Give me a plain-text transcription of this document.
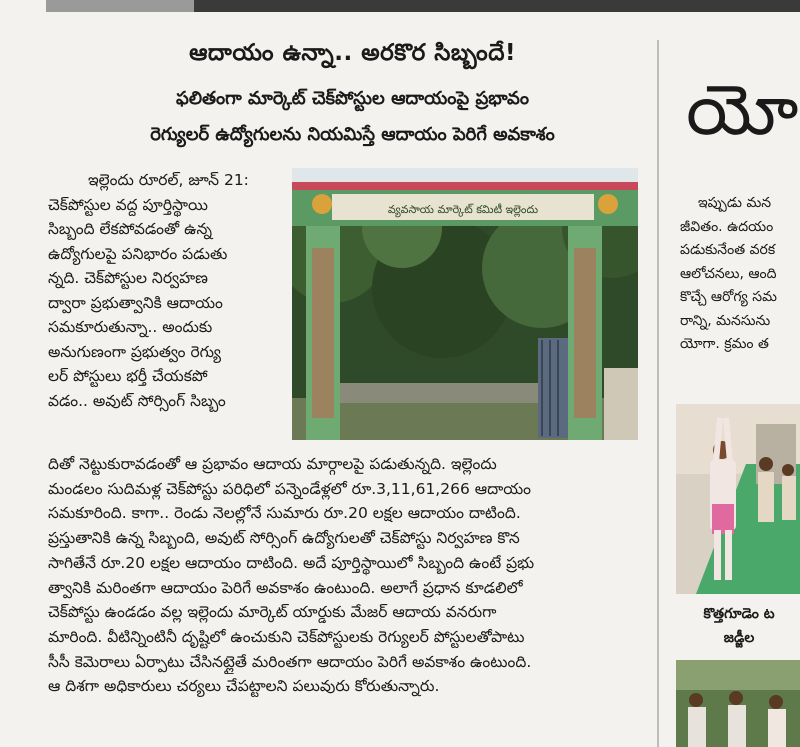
ఆదాయం ఉన్నా.. అరకొర సిబ్బందే!
ఫలితంగా మార్కెట్ చెక్‌పోస్టుల ఆదాయంపై ప్రభావం
రెగ్యులర్ ఉద్యోగులను నియమిస్తే ఆదాయం పెరిగే అవకాశం
ఇల్లెందు రూరల్, జూన్ 21:
చెక్‌పోస్టుల వద్ద పూర్తిస్థాయి
సిబ్బంది లేకపోవడంతో ఉన్న
ఉద్యోగులపై పనిభారం పడుతు
న్నది. చెక్‌పోస్టుల నిర్వహణ
ద్వారా ప్రభుత్వానికి ఆదాయం
సమకూరుతున్నా.. అందుకు
అనుగుణంగా ప్రభుత్వం రెగ్యు
లర్ పోస్టులు భర్తీ చేయకపో
వడం.. అవుట్ సోర్సింగ్ సిబ్బం
వ్యవసాయ మార్కెట్ కమిటీ ఇల్లెందు
దితో నెట్టుకురావడంతో ఆ ప్రభావం ఆదాయ మార్గాలపై పడుతున్నది. ఇల్లెందు
మండలం సుదిమళ్ల చెక్‌పోస్టు పరిధిలో పన్నెండేళ్లలో రూ.3,11,61,266 ఆదాయం
సమకూరింది. కాగా.. రెండు నెలల్లోనే సుమారు రూ.20 లక్షల ఆదాయం దాటింది.
ప్రస్తుతానికి ఉన్న సిబ్బంది, అవుట్ సోర్సింగ్ ఉద్యోగులతో చెక్‌పోస్టు నిర్వహణ కొన
సాగితేనే రూ.20 లక్షల ఆదాయం దాటింది. అదే పూర్తిస్థాయిలో సిబ్బంది ఉంటే ప్రభు
త్వానికి మరింతగా ఆదాయం పెరిగే అవకాశం ఉంటుంది. అలాగే ప్రధాన కూడలిలో
చెక్‌పోస్టు ఉండడం వల్ల ఇల్లెందు మార్కెట్ యార్డుకు మేజర్ ఆదాయ వనరుగా
మారింది. వీటిన్నింటినీ దృష్టిలో ఉంచుకుని చెక్‌పోస్టులకు రెగ్యులర్ పోస్టులతోపాటు
సీసీ కెమెరాలు ఏర్పాటు చేసినట్లైతే మరింతగా ఆదాయం పెరిగే అవకాశం ఉంటుంది.
ఆ దిశగా అధికారులు చర్యలు చేపట్టాలని పలువురు కోరుతున్నారు.
యో
ఇప్పుడు మన
జీవితం. ఉదయం
పడుకునేంత వరక
ఆలోచనలు, ఆంది
కొచ్చే ఆరోగ్య సమ
రాన్ని, మనసును
యోగా. క్రమం త
కొత్తగూడెం ట
జడ్జీల
